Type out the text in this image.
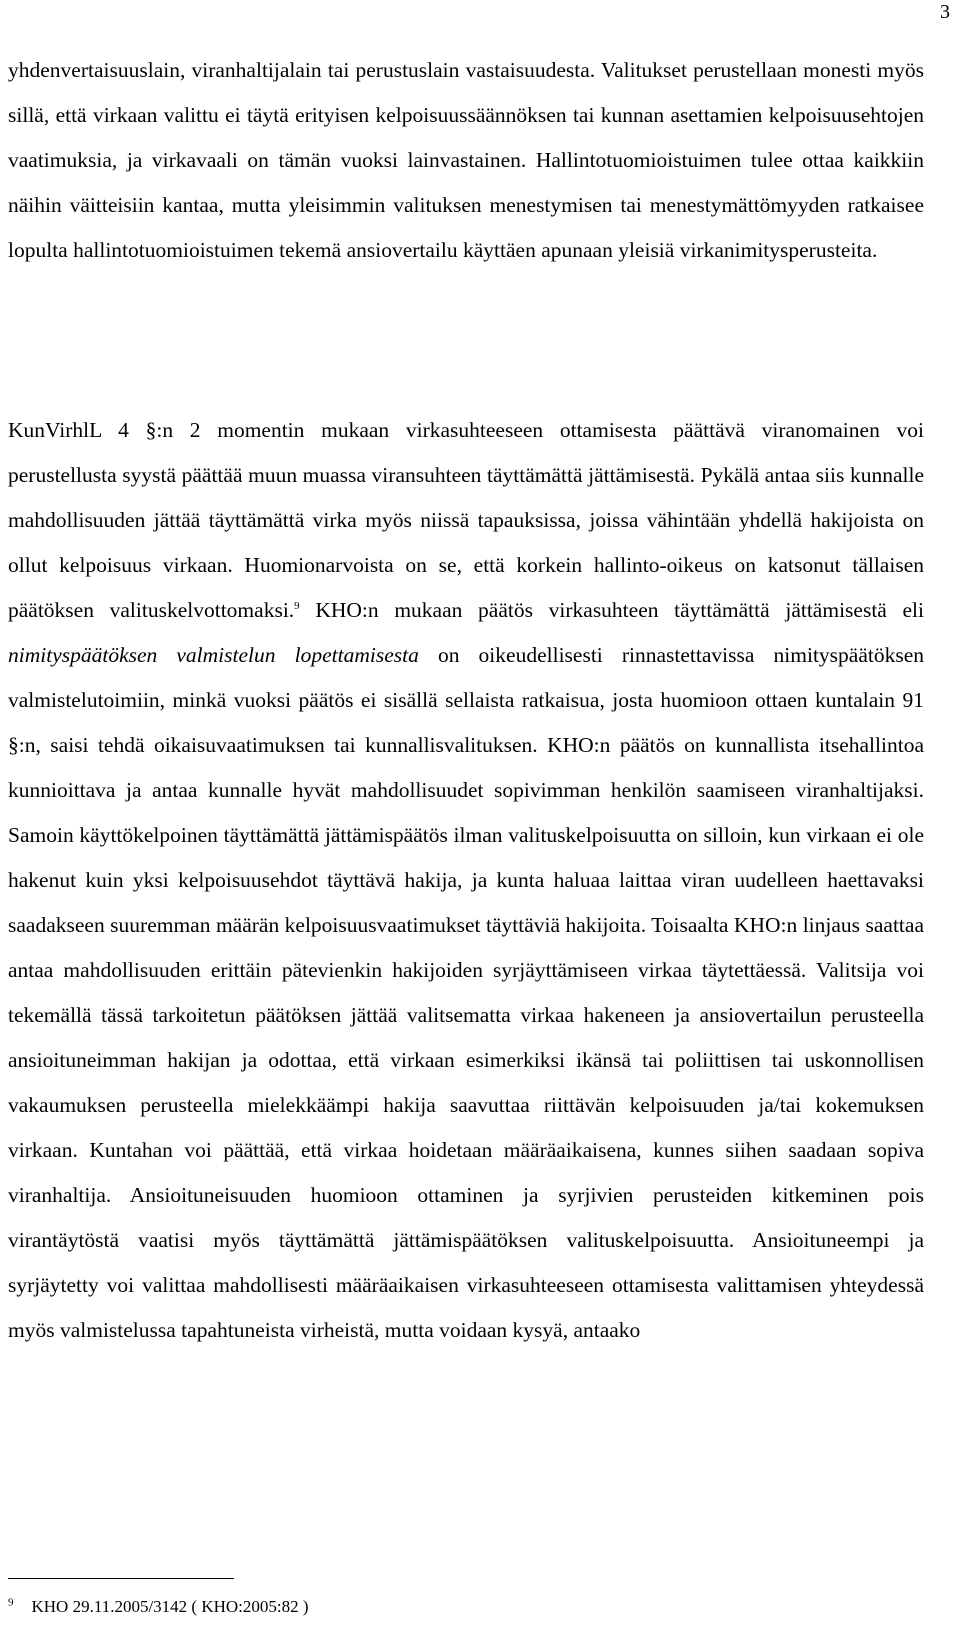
3

yhdenvertaisuuslain, viranhaltijalain tai perustuslain vastaisuudesta. Valitukset perustellaan monesti myös sillä, että virkaan valittu ei täytä erityisen kelpoisuussäännöksen tai kunnan asettamien kelpoisuusehtojen vaatimuksia, ja virkavaali on tämän vuoksi lainvastainen. Hallintotuomioistuimen tulee ottaa kaikkiin näihin väitteisiin kantaa, mutta yleisimmin valituksen menestymisen tai menestymättömyyden ratkaisee lopulta hallintotuomioistuimen tekemä ansiovertailu käyttäen apunaan yleisiä virkanimitysperusteita.

KunVirhlL 4 §:n 2 momentin mukaan virkasuhteeseen ottamisesta päättävä viranomainen voi perustellusta syystä päättää muun muassa viransuhteen täyttämättä jättämisestä. Pykälä antaa siis kunnalle mahdollisuuden jättää täyttämättä virka myös niissä tapauksissa, joissa vähintään yhdellä hakijoista on ollut kelpoisuus virkaan. Huomionarvoista on se, että korkein hallinto-oikeus on katsonut tällaisen päätöksen valituskelvottomaksi.$^9$ KHO:n mukaan päätös virkasuhteen täyttämättä jättämisestä eli nimityspäätöksen valmistelun lopettamisesta on oikeudellisesti rinnastettavissa nimityspäätöksen valmistelutoimiin, minkä vuoksi päätös ei sisällä sellaista ratkaisua, josta huomioon ottaen kuntalain 91 §:n, saisi tehdä oikaisuvaatimuksen tai kunnallisvalituksen. KHO:n päätös on kunnallista itsehallintoa kunnioittava ja antaa kunnalle hyvät mahdollisuudet sopivimman henkilön saamiseen viranhaltijaksi. Samoin käyttökelpoinen täyttämättä jättämispäätös ilman valituskelpoisuutta on silloin, kun virkaan ei ole hakenut kuin yksi kelpoisuusehdot täyttävä hakija, ja kunta haluaa laittaa viran uudelleen haettavaksi saadakseen suuremman määrän kelpoisuusvaatimukset täyttäviä hakijoita. Toisaalta KHO:n linjaus saattaa antaa mahdollisuuden erittäin pätevienkin hakijoiden syrjäyttämiseen virkaa täytettäessä. Valitsija voi tekemällä tässä tarkoitetun päätöksen jättää valitsematta virkaa hakeneen ja ansiovertailun perusteella ansioituneimman hakijan ja odottaa, että virkaan esimerkiksi ikänsä tai poliittisen tai uskonnollisen vakaumuksen perusteella mielekkäämpi hakija saavuttaa riittävän kelpoisuuden ja/tai kokemuksen virkaan. Kuntahan voi päättää, että virkaa hoidetaan määräaikaisena, kunnes siihen saadaan sopiva viranhaltija. Ansioituneisuuden huomioon ottaminen ja syrjivien perusteiden kitkeminen pois virantäytöstä vaatisi myös täyttämättä jättämispäätöksen valituskelpoisuutta. Ansioituneempi ja syrjäytetty voi valittaa mahdollisesti määräaikaisen virkasuhteeseen ottamisesta valittamisen yhteydessä myös valmistelussa tapahtuneista virheistä, mutta voidaan kysyä, antaako

$^9$ KHO 29.11.2005/3142 ( KHO:2005:82 )
